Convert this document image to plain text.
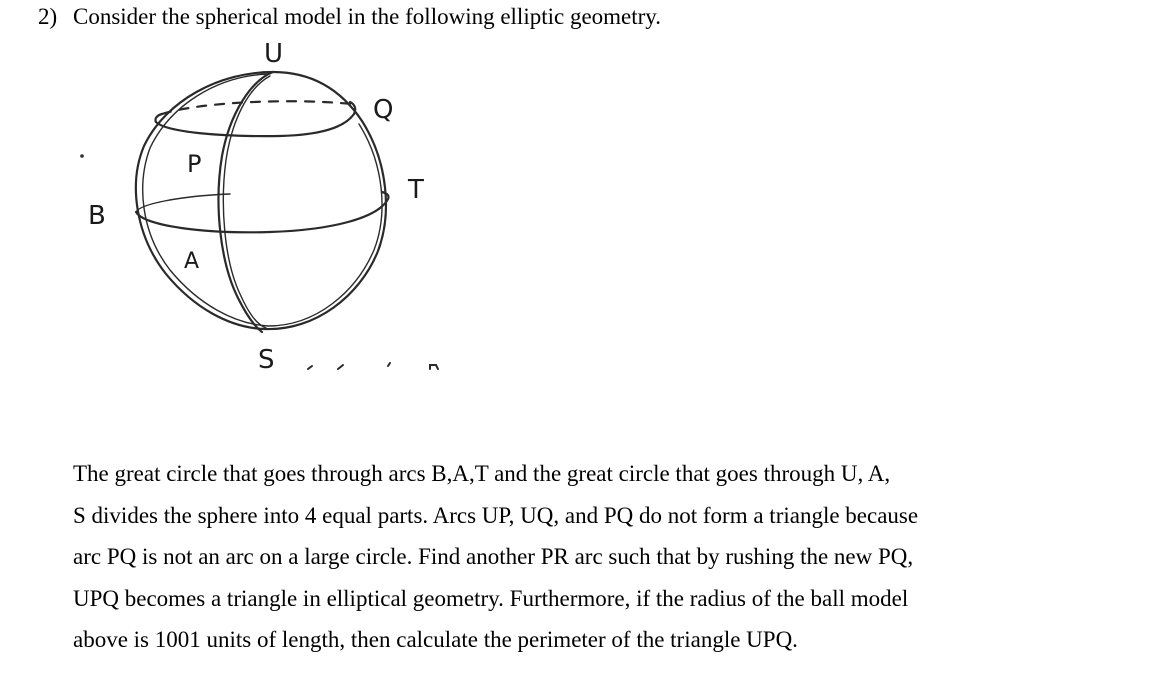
2) Consider the spherical model in the following elliptic geometry.
U
Q
P
T
B
A
S
The great circle that goes through arcs B,A,T and the great circle that goes through U, A,
S divides the sphere into 4 equal parts. Arcs UP, UQ, and PQ do not form a triangle because
arc PQ is not an arc on a large circle. Find another PR arc such that by rushing the new PQ,
UPQ becomes a triangle in elliptical geometry. Furthermore, if the radius of the ball model
above is 1001 units of length, then calculate the perimeter of the triangle UPQ.
